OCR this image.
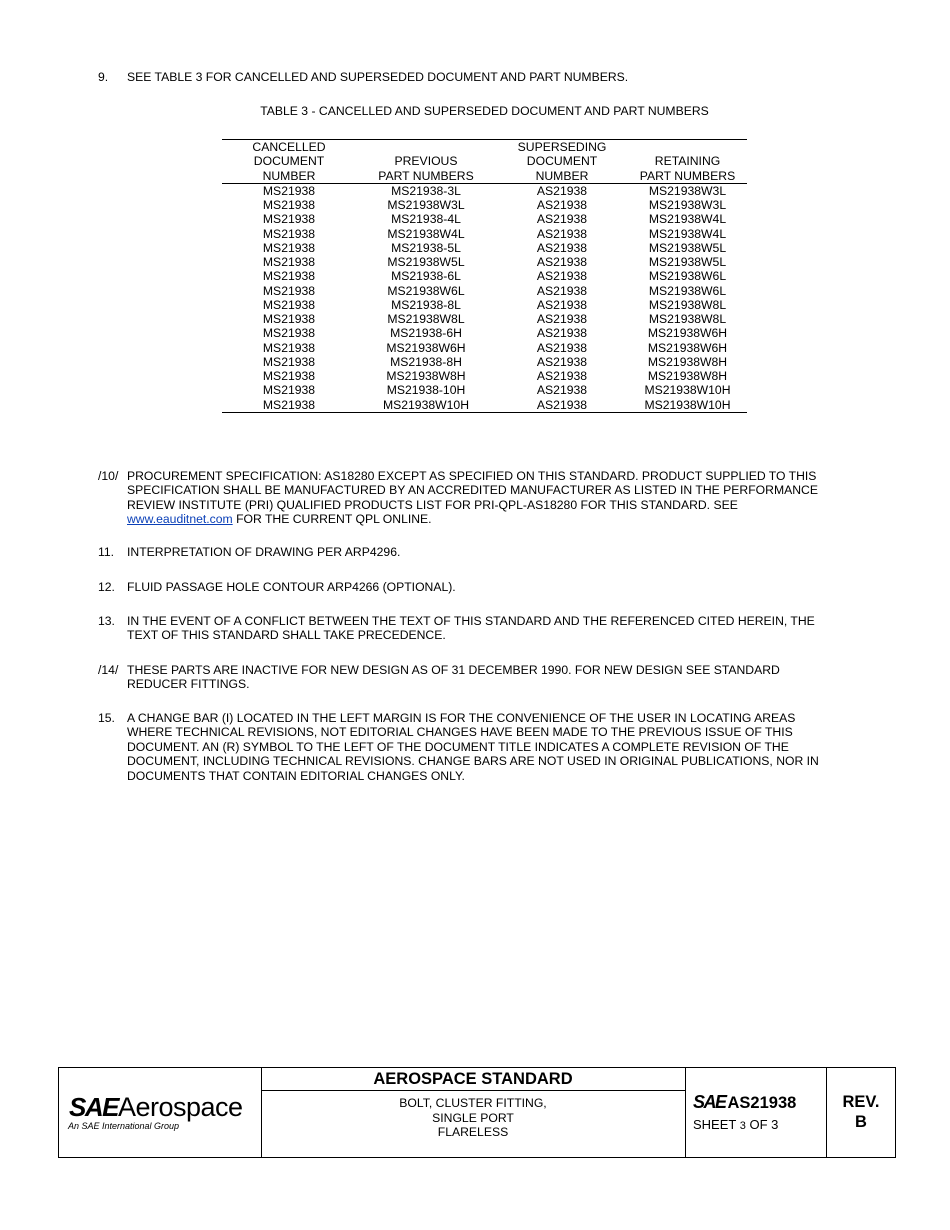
9. SEE TABLE 3 FOR CANCELLED AND SUPERSEDED DOCUMENT AND PART NUMBERS.

TABLE 3 - CANCELLED AND SUPERSEDED DOCUMENT AND PART NUMBERS
CANCELLED		SUPERSEDING	
DOCUMENT	PREVIOUS	DOCUMENT	RETAINING
NUMBER	PART NUMBERS	NUMBER	PART NUMBERS
MS21938	MS21938-3L	AS21938	MS21938W3L
MS21938	MS21938W3L	AS21938	MS21938W3L
MS21938	MS21938-4L	AS21938	MS21938W4L
MS21938	MS21938W4L	AS21938	MS21938W4L
MS21938	MS21938-5L	AS21938	MS21938W5L
MS21938	MS21938W5L	AS21938	MS21938W5L
MS21938	MS21938-6L	AS21938	MS21938W6L
MS21938	MS21938W6L	AS21938	MS21938W6L
MS21938	MS21938-8L	AS21938	MS21938W8L
MS21938	MS21938W8L	AS21938	MS21938W8L
MS21938	MS21938-6H	AS21938	MS21938W6H
MS21938	MS21938W6H	AS21938	MS21938W6H
MS21938	MS21938-8H	AS21938	MS21938W8H
MS21938	MS21938W8H	AS21938	MS21938W8H
MS21938	MS21938-10H	AS21938	MS21938W10H
MS21938	MS21938W10H	AS21938	MS21938W10H
/10/ PROCUREMENT SPECIFICATION: AS18280 EXCEPT AS SPECIFIED ON THIS STANDARD. PRODUCT SUPPLIED TO THIS

SPECIFICATION SHALL BE MANUFACTURED BY AN ACCREDITED MANUFACTURER AS LISTED IN THE PERFORMANCE

REVIEW INSTITUTE (PRI) QUALIFIED PRODUCTS LIST FOR PRI-QPL-AS18280 FOR THIS STANDARD. SEE

www.eauditnet.com FOR THE CURRENT QPL ONLINE.

11. INTERPRETATION OF DRAWING PER ARP4296.

12. FLUID PASSAGE HOLE CONTOUR ARP4266 (OPTIONAL).

13. IN THE EVENT OF A CONFLICT BETWEEN THE TEXT OF THIS STANDARD AND THE REFERENCED CITED HEREIN, THE

TEXT OF THIS STANDARD SHALL TAKE PRECEDENCE.

/14/ THESE PARTS ARE INACTIVE FOR NEW DESIGN AS OF 31 DECEMBER 1990. FOR NEW DESIGN SEE STANDARD

REDUCER FITTINGS.

15. A CHANGE BAR (I) LOCATED IN THE LEFT MARGIN IS FOR THE CONVENIENCE OF THE USER IN LOCATING AREAS

WHERE TECHNICAL REVISIONS, NOT EDITORIAL CHANGES HAVE BEEN MADE TO THE PREVIOUS ISSUE OF THIS

DOCUMENT. AN (R) SYMBOL TO THE LEFT OF THE DOCUMENT TITLE INDICATES A COMPLETE REVISION OF THE

DOCUMENT, INCLUDING TECHNICAL REVISIONS. CHANGE BARS ARE NOT USED IN ORIGINAL PUBLICATIONS, NOR IN

DOCUMENTS THAT CONTAIN EDITORIAL CHANGES ONLY.

SAEAerospace
An SAE International Group
AEROSPACE STANDARD
BOLT, CLUSTER FITTING,
SINGLE PORT
FLARELESS
SAE AS21938
SHEET 3 OF 3
REV.
B
